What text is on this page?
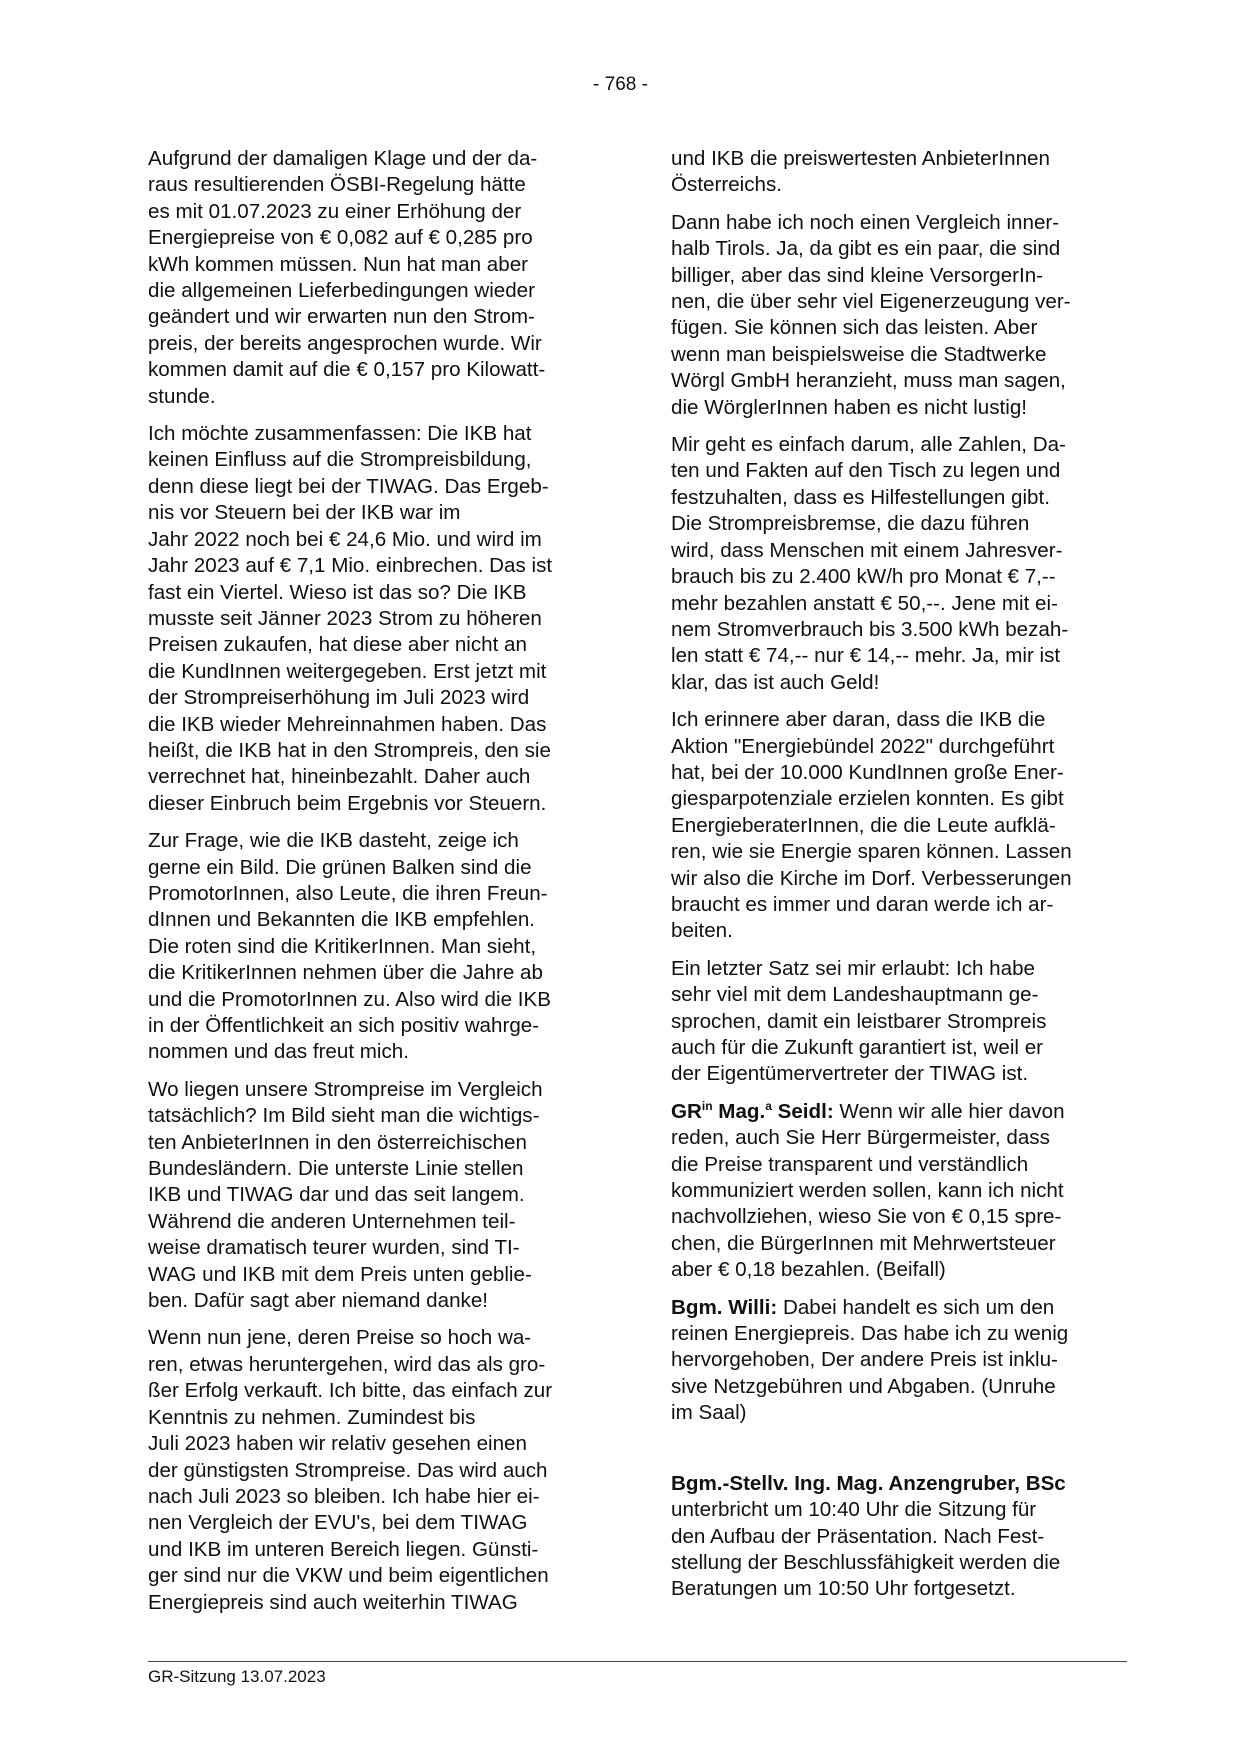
- 768 -

Aufgrund der damaligen Klage und der da-
raus resultierenden ÖSBI-Regelung hätte
es mit 01.07.2023 zu einer Erhöhung der
Energiepreise von € 0,082 auf € 0,285 pro
kWh kommen müssen. Nun hat man aber
die allgemeinen Lieferbedingungen wieder
geändert und wir erwarten nun den Strom-
preis, der bereits angesprochen wurde. Wir
kommen damit auf die € 0,157 pro Kilowatt-
stunde.

Ich möchte zusammenfassen: Die IKB hat
keinen Einfluss auf die Strompreisbildung,
denn diese liegt bei der TIWAG. Das Ergeb-
nis vor Steuern bei der IKB war im
Jahr 2022 noch bei € 24,6 Mio. und wird im
Jahr 2023 auf € 7,1 Mio. einbrechen. Das ist
fast ein Viertel. Wieso ist das so? Die IKB
musste seit Jänner 2023 Strom zu höheren
Preisen zukaufen, hat diese aber nicht an
die KundInnen weitergegeben. Erst jetzt mit
der Strompreiserhöhung im Juli 2023 wird
die IKB wieder Mehreinnahmen haben. Das
heißt, die IKB hat in den Strompreis, den sie
verrechnet hat, hineinbezahlt. Daher auch
dieser Einbruch beim Ergebnis vor Steuern.

Zur Frage, wie die IKB dasteht, zeige ich
gerne ein Bild. Die grünen Balken sind die
PromotorInnen, also Leute, die ihren Freun-
dInnen und Bekannten die IKB empfehlen.
Die roten sind die KritikerInnen. Man sieht,
die KritikerInnen nehmen über die Jahre ab
und die PromotorInnen zu. Also wird die IKB
in der Öffentlichkeit an sich positiv wahrge-
nommen und das freut mich.

Wo liegen unsere Strompreise im Vergleich
tatsächlich? Im Bild sieht man die wichtigs-
ten AnbieterInnen in den österreichischen
Bundesländern. Die unterste Linie stellen
IKB und TIWAG dar und das seit langem.
Während die anderen Unternehmen teil-
weise dramatisch teurer wurden, sind TI-
WAG und IKB mit dem Preis unten geblie-
ben. Dafür sagt aber niemand danke!

Wenn nun jene, deren Preise so hoch wa-
ren, etwas heruntergehen, wird das als gro-
ßer Erfolg verkauft. Ich bitte, das einfach zur
Kenntnis zu nehmen. Zumindest bis
Juli 2023 haben wir relativ gesehen einen
der günstigsten Strompreise. Das wird auch
nach Juli 2023 so bleiben. Ich habe hier ei-
nen Vergleich der EVU's, bei dem TIWAG
und IKB im unteren Bereich liegen. Günsti-
ger sind nur die VKW und beim eigentlichen
Energiepreis sind auch weiterhin TIWAG

und IKB die preiswertesten AnbieterInnen
Österreichs.

Dann habe ich noch einen Vergleich inner-
halb Tirols. Ja, da gibt es ein paar, die sind
billiger, aber das sind kleine VersorgerIn-
nen, die über sehr viel Eigenerzeugung ver-
fügen. Sie können sich das leisten. Aber
wenn man beispielsweise die Stadtwerke
Wörgl GmbH heranzieht, muss man sagen,
die WörglerInnen haben es nicht lustig!

Mir geht es einfach darum, alle Zahlen, Da-
ten und Fakten auf den Tisch zu legen und
festzuhalten, dass es Hilfestellungen gibt.
Die Strompreisbremse, die dazu führen
wird, dass Menschen mit einem Jahresver-
brauch bis zu 2.400 kW/h pro Monat € 7,--
mehr bezahlen anstatt € 50,--. Jene mit ei-
nem Stromverbrauch bis 3.500 kWh bezah-
len statt € 74,-- nur € 14,-- mehr. Ja, mir ist
klar, das ist auch Geld!

Ich erinnere aber daran, dass die IKB die
Aktion "Energiebündel 2022" durchgeführt
hat, bei der 10.000 KundInnen große Ener-
giesparpotenziale erzielen konnten. Es gibt
EnergieberaterInnen, die die Leute aufklä-
ren, wie sie Energie sparen können. Lassen
wir also die Kirche im Dorf. Verbesserungen
braucht es immer und daran werde ich ar-
beiten.

Ein letzter Satz sei mir erlaubt: Ich habe
sehr viel mit dem Landeshauptmann ge-
sprochen, damit ein leistbarer Strompreis
auch für die Zukunft garantiert ist, weil er
der Eigentümervertreter der TIWAG ist.

$GR^{in}$ Mag.$^a$ Seidl: Wenn wir alle hier davon
reden, auch Sie Herr Bürgermeister, dass
die Preise transparent und verständlich
kommuniziert werden sollen, kann ich nicht
nachvollziehen, wieso Sie von € 0,15 spre-
chen, die BürgerInnen mit Mehrwertsteuer
aber € 0,18 bezahlen. (Beifall)

Bgm. Willi: Dabei handelt es sich um den
reinen Energiepreis. Das habe ich zu wenig
hervorgehoben, Der andere Preis ist inklu-
sive Netzgebühren und Abgaben. (Unruhe
im Saal)

Bgm.-Stellv. Ing. Mag. Anzengruber, BSc
unterbricht um 10:40 Uhr die Sitzung für
den Aufbau der Präsentation. Nach Fest-
stellung der Beschlussfähigkeit werden die
Beratungen um 10:50 Uhr fortgesetzt.

GR-Sitzung 13.07.2023
